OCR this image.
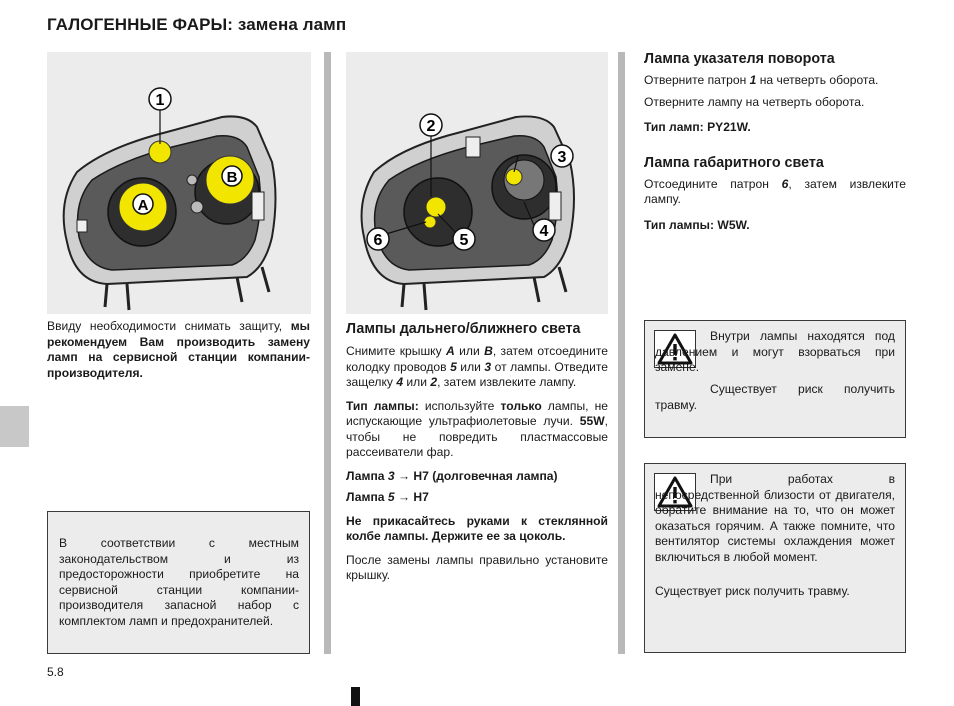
ГАЛОГЕННЫЕ ФАРЫ: замена ламп
1
A
B
2
3
4
5
6
Ввиду необходимости снимать защиту, мы рекомендуем Вам производить замену ламп на сервисной станции компании-производителя.
В соответствии с местным законодательством и из предосторожности приобретите на сервисной станции компаниипроизводителя запасной набор с комплектом ламп и предохранителей.
Лампы дальнего/ближнего света
Снимите крышку A или B, затем отсоедините колодку проводов 5 или 3 от лампы. Отведите защелку 4 или 2, затем извлеките лампу.
Тип лампы: используйте только лампы, не испускающие ультрафиолетовые лучи. 55W, чтобы не повредить пластмассовые рассеиватели фар.
Лампа 3 → H7 (долговечная лампа)
Лампа 5 → H7
Не прикасайтесь руками к стеклянной колбе лампы. Держите ее за цоколь.
После замены лампы правильно установите крышку.
Лампа указателя поворота
Отверните патрон 1 на четверть оборота.
Отверните лампу на четверть оборота.
Тип ламп: PY21W.
Лампа габаритного света
Отсоедините патрон 6, затем извлеките лампу.
Тип лампы: W5W.
Внутри лампы находятся под давлением и могут взорваться при замене.
Существует риск получить травму.
При работах в непосредственной близости от двигателя, обратите внимание на то, что он может оказаться горячим. А также помните, что вентилятор системы охлаждения может включиться в любой момент.
Существует риск получить травму.
5.8
